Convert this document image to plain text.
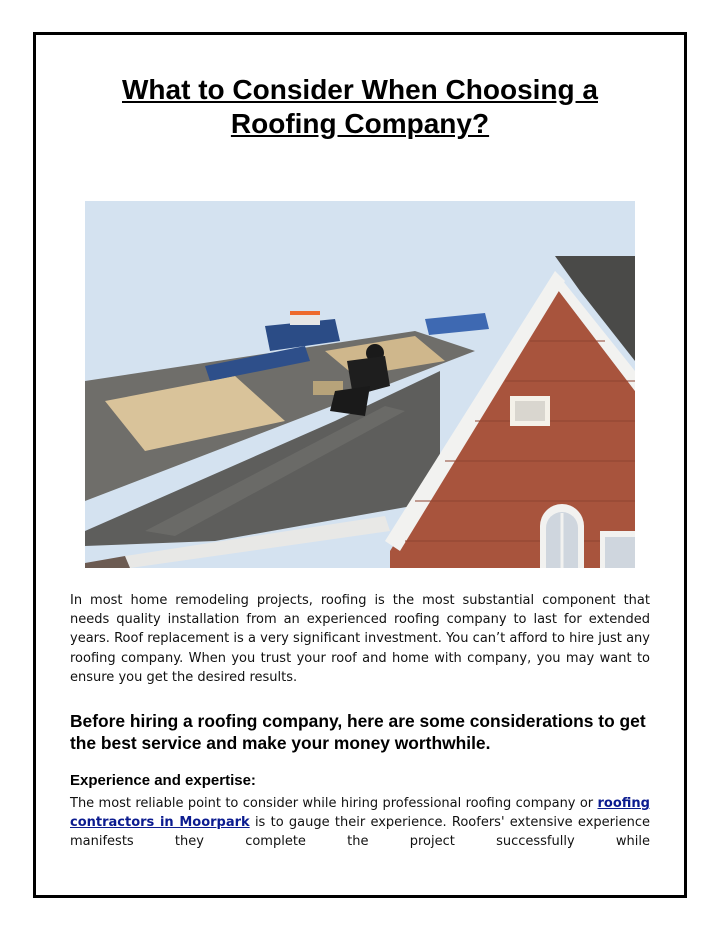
What to Consider When Choosing a
Roofing Company?

In most home remodeling projects, roofing is the most substantial component that needs quality installation from an experienced roofing company to last for extended years. Roof replacement is a very significant investment. You can’t afford to hire just any roofing company. When you trust your roof and home with company, you may want to ensure you get the desired results.

Before hiring a roofing company, here are some considerations to get the best service and make your money worthwhile.
Experience and expertise:

The most reliable point to consider while hiring professional roofing company or roofing contractors in Moorpark is to gauge their experience. Roofers' extensive experience manifests they complete the project successfully while
